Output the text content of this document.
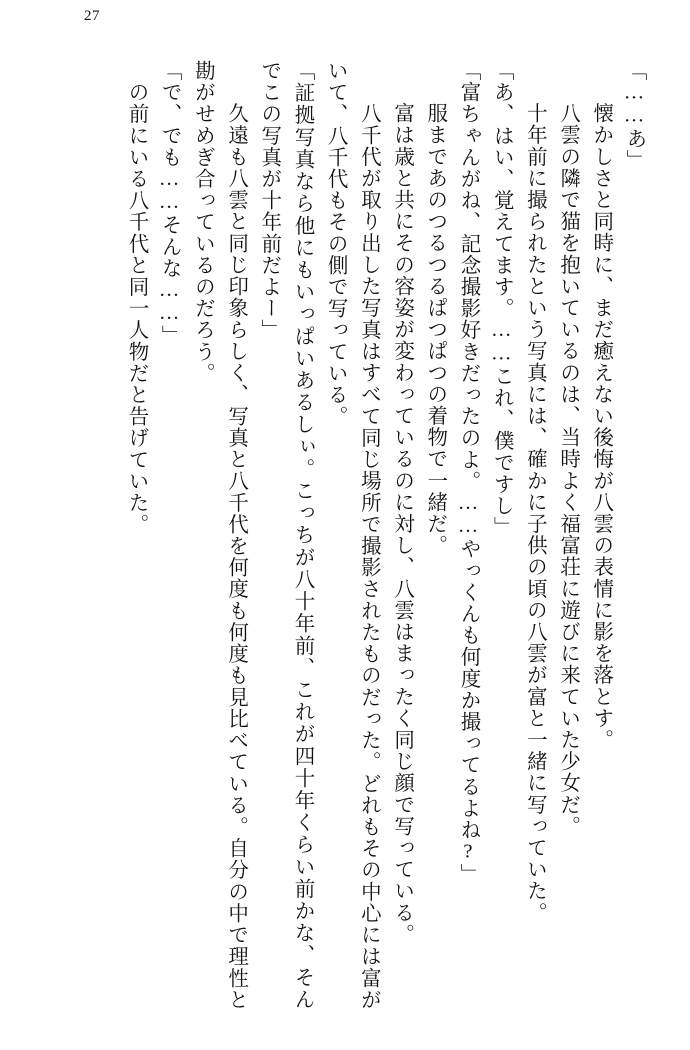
27
「……あ」
　懐かしさと同時に、まだ癒えない後悔が八雲の表情に影を落とす。
　八雲の隣で猫を抱いているのは、当時よく福富荘に遊びに来ていた少女だ。
　十年前に撮られたという写真には、確かに子供の頃の八雲が富と一緒に写っていた。
「あ、はい、覚えてます。……これ、僕ですし」
「富ちゃんがね、記念撮影好きだったのよ。……やっくんも何度か撮ってるよね?」
　服まであのつるつるぱつぱつの着物で一緒だ。
　富は歳と共にその容姿が変わっているのに対し、八雲はまったく同じ顔で写っている。
　八千代が取り出した写真はすべて同じ場所で撮影されたものだった。どれもその中心には富がいて、八千代もその側で写っている。
「証拠写真なら他にもいっぱいあるしぃ。こっちが八十年前、これが四十年くらい前かな、そんでこの写真が十年前だよー」
　久遠も八雲と同じ印象らしく、写真と八千代を何度も何度も見比べている。自分の中で理性と勘がせめぎ合っているのだろう。
「で、でも……そんな……」
　の前にいる八千代と同一人物だと告げていた。
